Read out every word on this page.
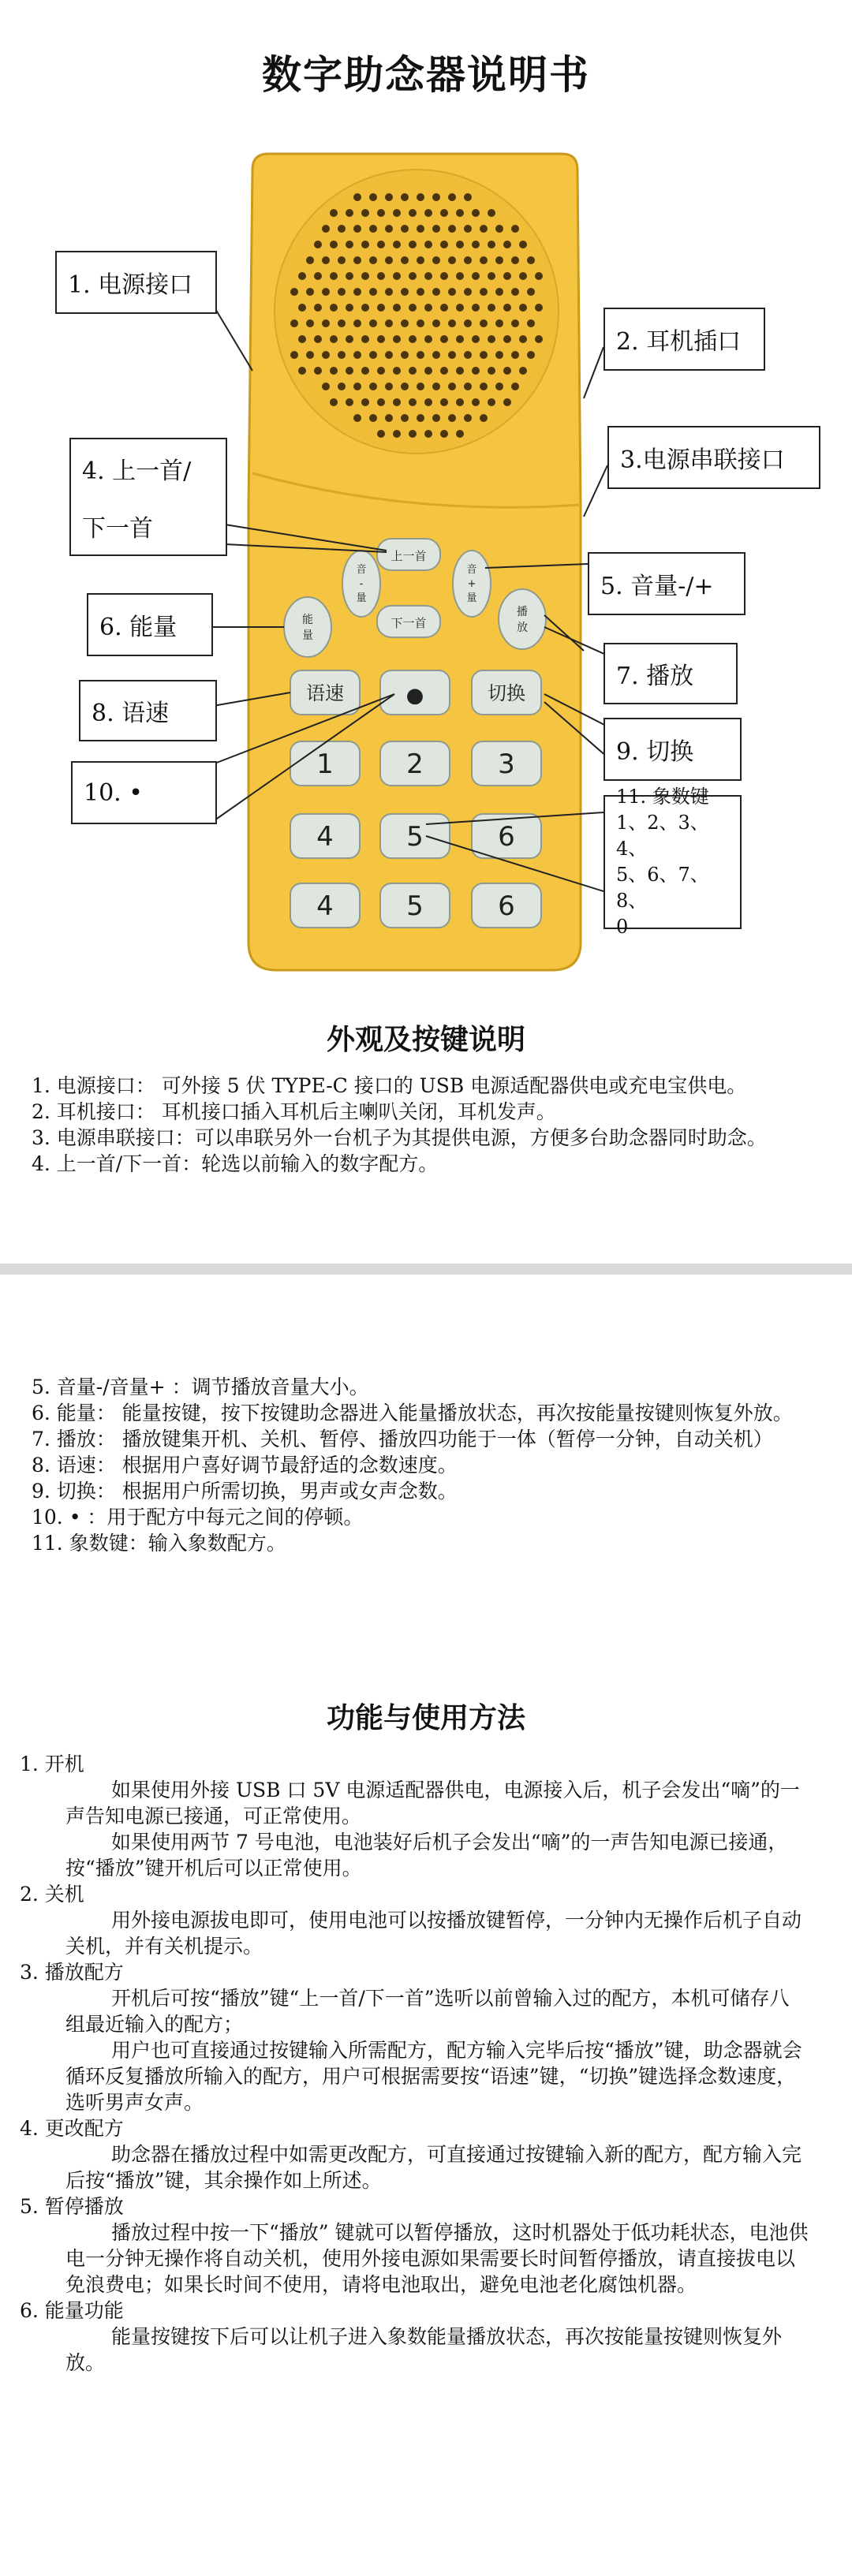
数字助念器说明书
上一首
下一首
音
-
量
音
+
量
能
量
播
放
语速	●	切换
1	2	3
4	5	6
4	5	6
1. 电源接口
2. 耳机插口
3.电源串联接口
4. 上一首/
下一首
5. 音量-/+
6. 能量
7. 播放
8. 语速
9. 切换
10. •	11. 象数键
1、2、3、4、
5、6、7、8、
0
外观及按键说明
1. 电源接口： 可外接 5 伏 TYPE-C 接口的 USB 电源适配器供电或充电宝供电。
2. 耳机接口： 耳机接口插入耳机后主喇叭关闭，耳机发声。
3. 电源串联接口：可以串联另外一台机子为其提供电源，方便多台助念器同时助念。
4. 上一首/下一首：轮选以前输入的数字配方。
5. 音量-/音量+ ：调节播放音量大小。
6. 能量： 能量按键，按下按键助念器进入能量播放状态，再次按能量按键则恢复外放。
7. 播放： 播放键集开机、关机、暂停、播放四功能于一体（暂停一分钟，自动关机）
8. 语速： 根据用户喜好调节最舒适的念数速度。
9. 切换： 根据用户所需切换，男声或女声念数。
10. • ：用于配方中每元之间的停顿。
11. 象数键：输入象数配方。
功能与使用方法
1. 开机
如果使用外接 USB 口 5V 电源适配器供电，电源接入后，机子会发出“嘀”的一声告知电源已接通，可正常使用。
如果使用两节 7 号电池，电池装好后机子会发出“嘀”的一声告知电源已接通，按“播放”键开机后可以正常使用。
2. 关机
用外接电源拔电即可，使用电池可以按播放键暂停，一分钟内无操作后机子自动关机，并有关机提示。
3. 播放配方
开机后可按“播放”键“上一首/下一首”选听以前曾输入过的配方，本机可储存八组最近输入的配方；
用户也可直接通过按键输入所需配方，配方输入完毕后按“播放”键，助念器就会循环反复播放所输入的配方，用户可根据需要按“语速”键，“切换”键选择念数速度，选听男声女声。
4. 更改配方
助念器在播放过程中如需更改配方，可直接通过按键输入新的配方，配方输入完后按“播放”键，其余操作如上所述。
5. 暂停播放
播放过程中按一下“播放” 键就可以暂停播放，这时机器处于低功耗状态，电池供电一分钟无操作将自动关机，使用外接电源如果需要长时间暂停播放，请直接拔电以免浪费电；如果长时间不使用，请将电池取出，避免电池老化腐蚀机器。
6. 能量功能
能量按键按下后可以让机子进入象数能量播放状态，再次按能量按键则恢复外放。
